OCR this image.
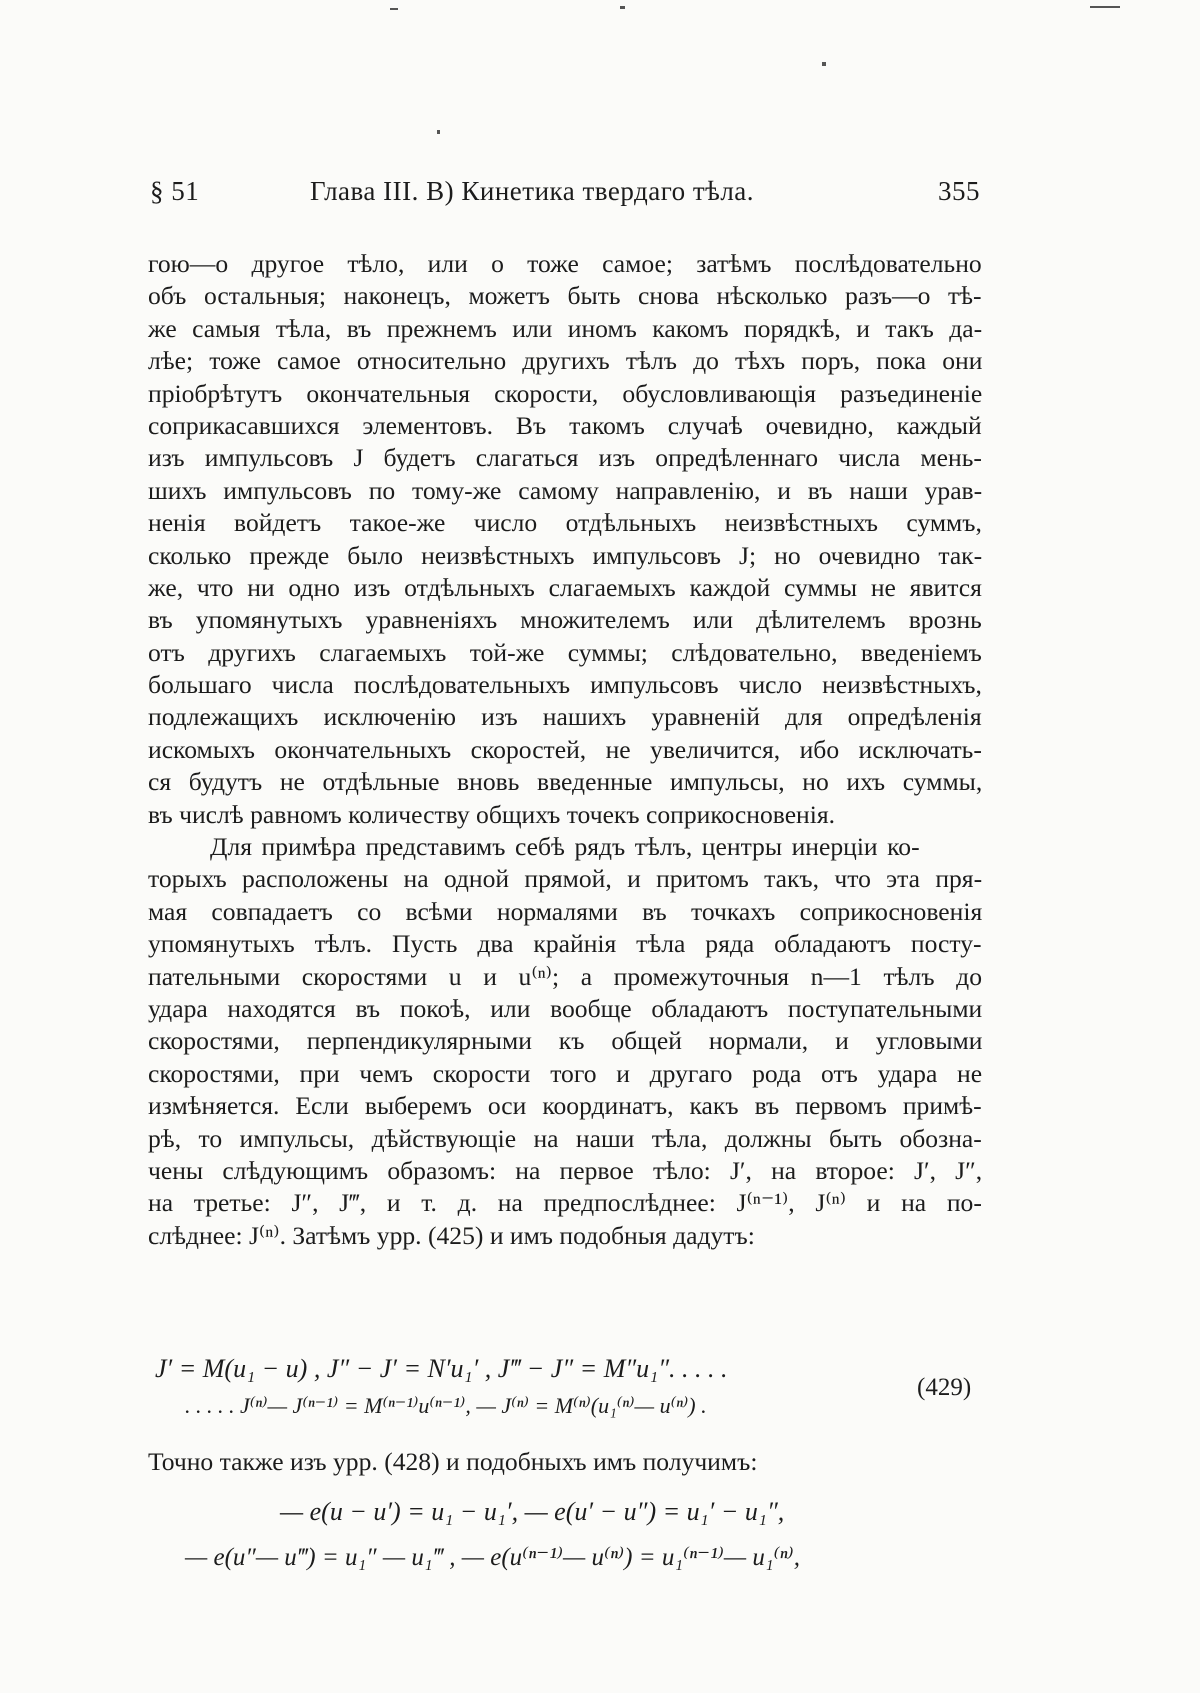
§ 51	Глава III. B) Кинетика твердаго тѣла.	355
гою—о другое тѣло, или о тоже самое; затѣмъ послѣдовательно
объ остальныя; наконецъ, можетъ быть снова нѣсколько разъ—о тѣ-
же самыя тѣла, въ прежнемъ или иномъ какомъ порядкѣ, и такъ да-
лѣе; тоже самое относительно другихъ тѣлъ до тѣхъ поръ, пока они
пріобрѣтутъ окончательныя скорости, обусловливающія разъединеніе
соприкасавшихся элементовъ. Въ такомъ случаѣ очевидно, каждый
изъ импульсовъ J будетъ слагаться изъ опредѣленнаго числа мень-
шихъ импульсовъ по тому-же самому направленію, и въ наши урав-
ненія войдетъ такое-же число отдѣльныхъ неизвѣстныхъ суммъ,
сколько прежде было неизвѣстныхъ импульсовъ J; но очевидно так-
же, что ни одно изъ отдѣльныхъ слагаемыхъ каждой суммы не явится
въ упомянутыхъ уравненіяхъ множителемъ или дѣлителемъ врознь
отъ другихъ слагаемыхъ той-же суммы; слѣдовательно, введеніемъ
большаго числа послѣдовательныхъ импульсовъ число неизвѣстныхъ,
подлежащихъ исключенію изъ нашихъ уравненій для опредѣленія
искомыхъ окончательныхъ скоростей, не увеличится, ибо исключать-
ся будутъ не отдѣльные вновь введенные импульсы, но ихъ суммы,
въ числѣ равномъ количеству общихъ точекъ соприкосновенія.
Для примѣра представимъ себѣ рядъ тѣлъ, центры инерціи ко-
торыхъ расположены на одной прямой, и притомъ такъ, что эта пря-
мая совпадаетъ со всѣми нормалями въ точкахъ соприкосновенія
упомянутыхъ тѣлъ. Пусть два крайнія тѣла ряда обладаютъ посту-
пательными скоростями u и u⁽ⁿ⁾; а промежуточныя n—1 тѣлъ до
удара находятся въ покоѣ, или вообще обладаютъ поступательными
скоростями, перпендикулярными къ общей нормали, и угловыми
скоростями, при чемъ скорости того и другаго рода отъ удара не
измѣняется. Если выберемъ оси координатъ, какъ въ первомъ примѣ-
рѣ, то импульсы, дѣйствующіе на наши тѣла, должны быть обозна-
чены слѣдующимъ образомъ: на первое тѣло: J′, на второе: J′, J″,
на третье: J″, J‴, и т. д. на предпослѣднее: J⁽ⁿ⁻¹⁾, J⁽ⁿ⁾ и на по-
слѣднее: J⁽ⁿ⁾. Затѣмъ урр. (425) и имъ подобныя дадутъ:
J′ = M(u₁ − u) , J″ − J′ = N′u₁′ , J‴ − J″ = M″u₁″. . . . .
. . . . . J⁽ⁿ⁾— J⁽ⁿ⁻¹⁾ = M⁽ⁿ⁻¹⁾u⁽ⁿ⁻¹⁾, — J⁽ⁿ⁾ = M⁽ⁿ⁾(u₁⁽ⁿ⁾— u⁽ⁿ⁾) .
(429)
Точно также изъ урр. (428) и подобныхъ имъ получимъ:
— e(u − u′) = u₁ − u₁′, — e(u′ − u″) = u₁′ − u₁″,
— e(u″— u‴) = u₁″ — u₁‴ , — e(u⁽ⁿ⁻¹⁾— u⁽ⁿ⁾) = u₁⁽ⁿ⁻¹⁾— u₁⁽ⁿ⁾,
